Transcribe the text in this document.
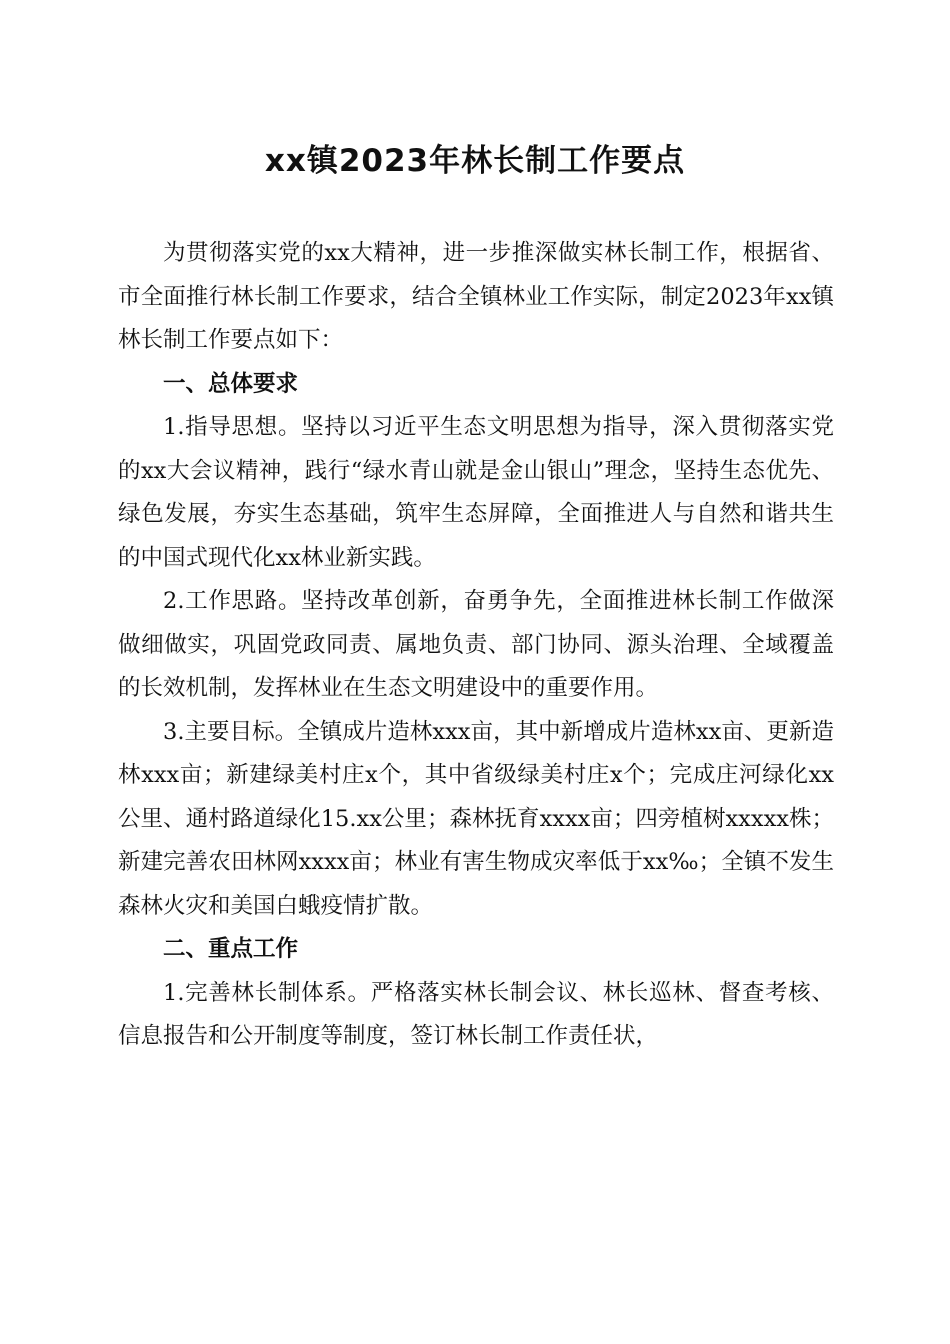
xx镇2023年林长制工作要点

为贯彻落实党的xx大精神，进一步推深做实林长制工作，根据省、市全面推行林长制工作要求，结合全镇林业工作实际，制定2023年xx镇林长制工作要点如下：

一、总体要求

1.指导思想。坚持以习近平生态文明思想为指导，深入贯彻落实党的xx大会议精神，践行“绿水青山就是金山银山”理念，坚持生态优先、绿色发展，夯实生态基础，筑牢生态屏障，全面推进人与自然和谐共生的中国式现代化xx林业新实践。

2.工作思路。坚持改革创新，奋勇争先，全面推进林长制工作做深做细做实，巩固党政同责、属地负责、部门协同、源头治理、全域覆盖的长效机制，发挥林业在生态文明建设中的重要作用。

3.主要目标。全镇成片造林xxx亩，其中新增成片造林xx亩、更新造林xxx亩；新建绿美村庄x个，其中省级绿美村庄x个；完成庄河绿化xx公里、通村路道绿化15.xx公里；森林抚育xxxx亩；四旁植树xxxxx株；新建完善农田林网xxxx亩；林业有害生物成灾率低于xx‰；全镇不发生森林火灾和美国白蛾疫情扩散。

二、重点工作

1.完善林长制体系。严格落实林长制会议、林长巡林、督查考核、信息报告和公开制度等制度，签订林长制工作责任状，
